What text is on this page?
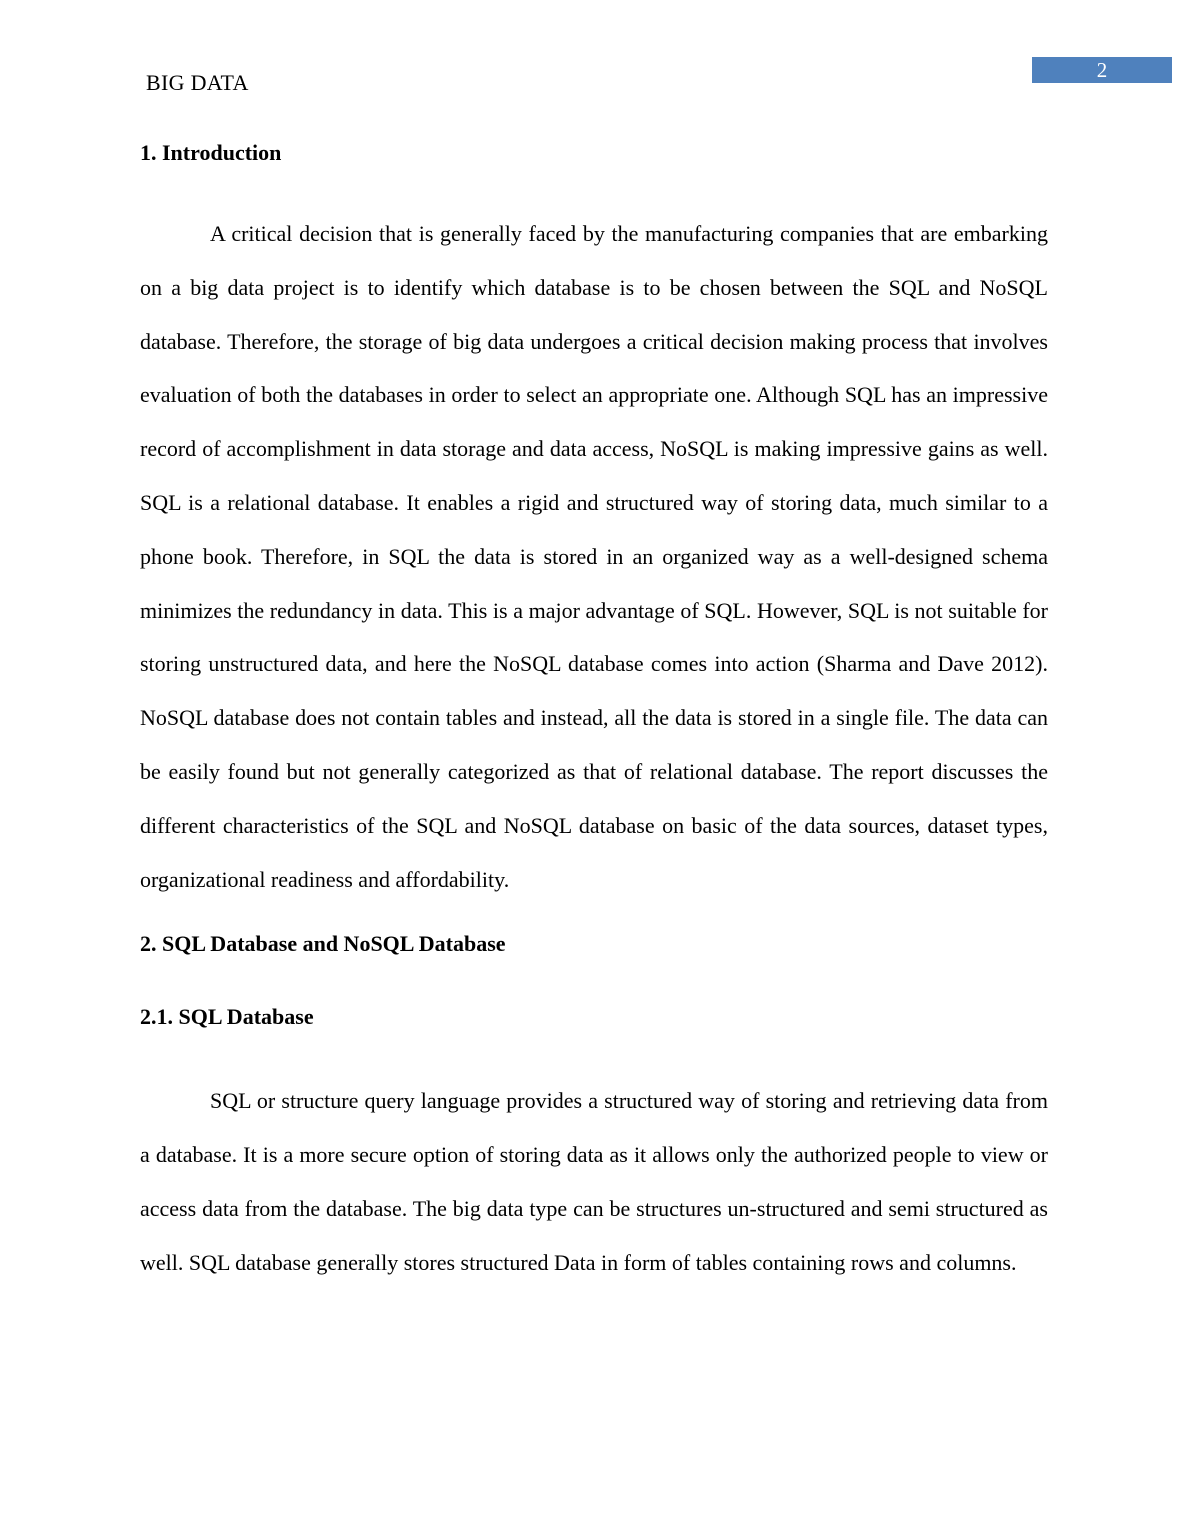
BIG DATA	2

1. Introduction

A critical decision that is generally faced by the manufacturing companies that are embarking on a big data project is to identify which database is to be chosen between the SQL and NoSQL database. Therefore, the storage of big data undergoes a critical decision making process that involves evaluation of both the databases in order to select an appropriate one. Although SQL has an impressive record of accomplishment in data storage and data access, NoSQL is making impressive gains as well. SQL is a relational database. It enables a rigid and structured way of storing data, much similar to a phone book. Therefore, in SQL the data is stored in an organized way as a well-designed schema minimizes the redundancy in data. This is a major advantage of SQL. However, SQL is not suitable for storing unstructured data, and here the NoSQL database comes into action (Sharma and Dave 2012). NoSQL database does not contain tables and instead, all the data is stored in a single file. The data can be easily found but not generally categorized as that of relational database. The report discusses the different characteristics of the SQL and NoSQL database on basic of the data sources, dataset types, organizational readiness and affordability.

2. SQL Database and NoSQL Database

2.1. SQL Database

SQL or structure query language provides a structured way of storing and retrieving data from a database. It is a more secure option of storing data as it allows only the authorized people to view or access data from the database. The big data type can be structures un-structured and semi structured as well. SQL database generally stores structured Data in form of tables containing rows and columns.
